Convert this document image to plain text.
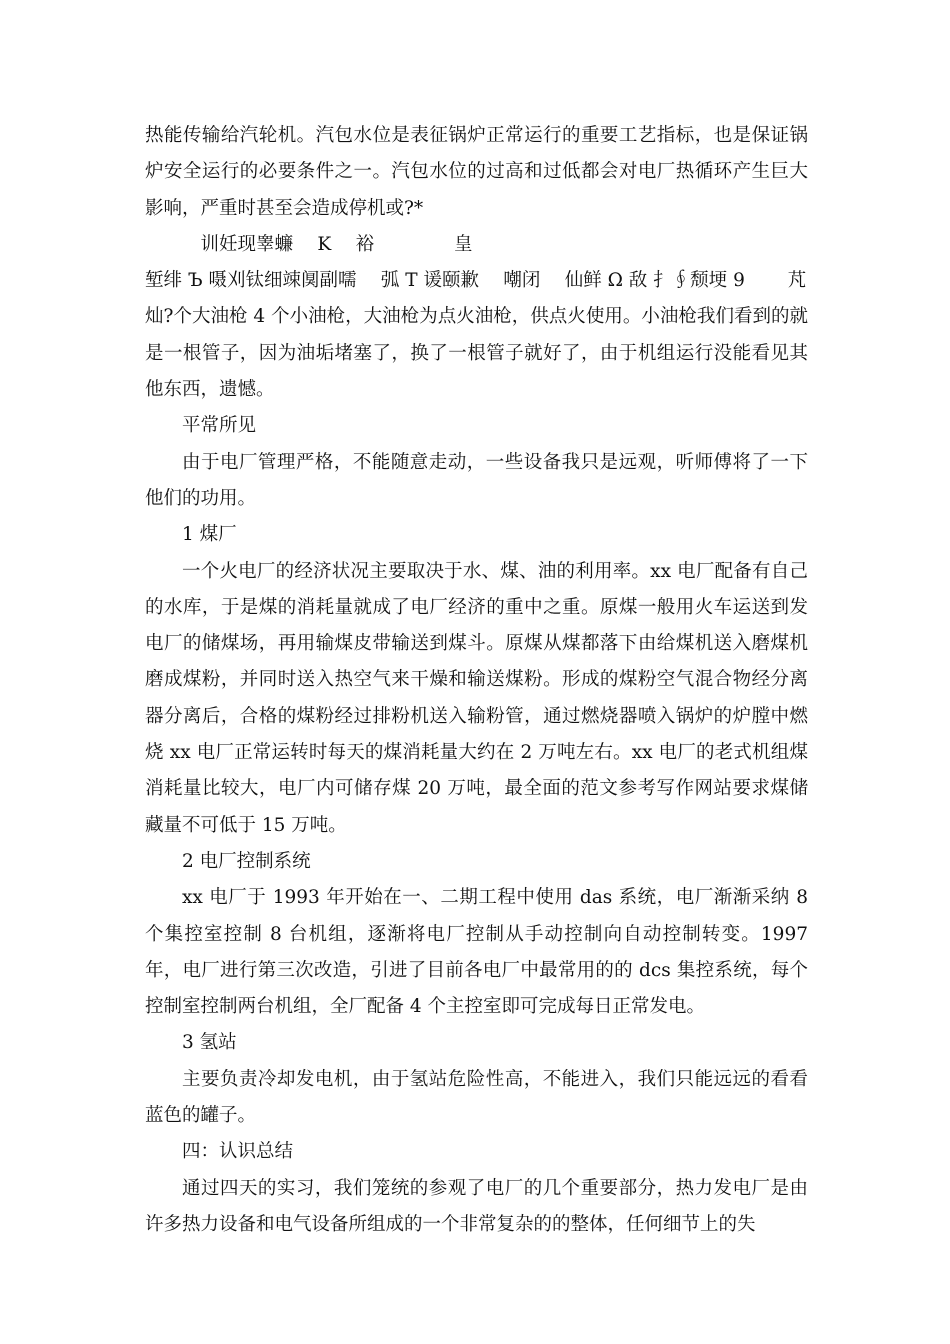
热能传输给汽轮机。汽包水位是表征锅炉正常运行的重要工艺指标，也是保证锅炉安全运行的必要条件之一。汽包水位的过高和过低都会对电厂热循环产生巨大影响，严重时甚至会造成停机或?*

　　　训妊现睾蠊　 K　 裕　　　　 皇

堑绯 Ъ 嗫刈钛细竦阒副嚅　 弧 T 谖颐歉　 嘲闭　 仙鲜 Ω 敌 扌∮颓埂 9　　 芃

灿?个大油枪 4 个小油枪，大油枪为点火油枪，供点火使用。小油枪我们看到的就是一根管子，因为油垢堵塞了，换了一根管子就好了，由于机组运行没能看见其他东西，遗憾。

平常所见

由于电厂管理严格，不能随意走动，一些设备我只是远观，听师傅将了一下他们的功用。

1 煤厂

一个火电厂的经济状况主要取决于水、煤、油的利用率。xx 电厂配备有自己的水库，于是煤的消耗量就成了电厂经济的重中之重。原煤一般用火车运送到发电厂的储煤场，再用输煤皮带输送到煤斗。原煤从煤都落下由给煤机送入磨煤机磨成煤粉，并同时送入热空气来干燥和输送煤粉。形成的煤粉空气混合物经分离器分离后，合格的煤粉经过排粉机送入输粉管，通过燃烧器喷入锅炉的炉膛中燃烧 xx 电厂正常运转时每天的煤消耗量大约在 2 万吨左右。xx 电厂的老式机组煤消耗量比较大，电厂内可储存煤 20 万吨，最全面的范文参考写作网站要求煤储藏量不可低于 15 万吨。

2 电厂控制系统

xx 电厂于 1993 年开始在一、二期工程中使用 das 系统，电厂渐渐采纳 8 个集控室控制 8 台机组，逐渐将电厂控制从手动控制向自动控制转变。1997 年，电厂进行第三次改造，引进了目前各电厂中最常用的的 dcs 集控系统，每个控制室控制两台机组，全厂配备 4 个主控室即可完成每日正常发电。

3 氢站

主要负责冷却发电机，由于氢站危险性高，不能进入，我们只能远远的看看蓝色的罐子。

四：认识总结

通过四天的实习，我们笼统的参观了电厂的几个重要部分，热力发电厂是由许多热力设备和电气设备所组成的一个非常复杂的的整体，任何细节上的失
